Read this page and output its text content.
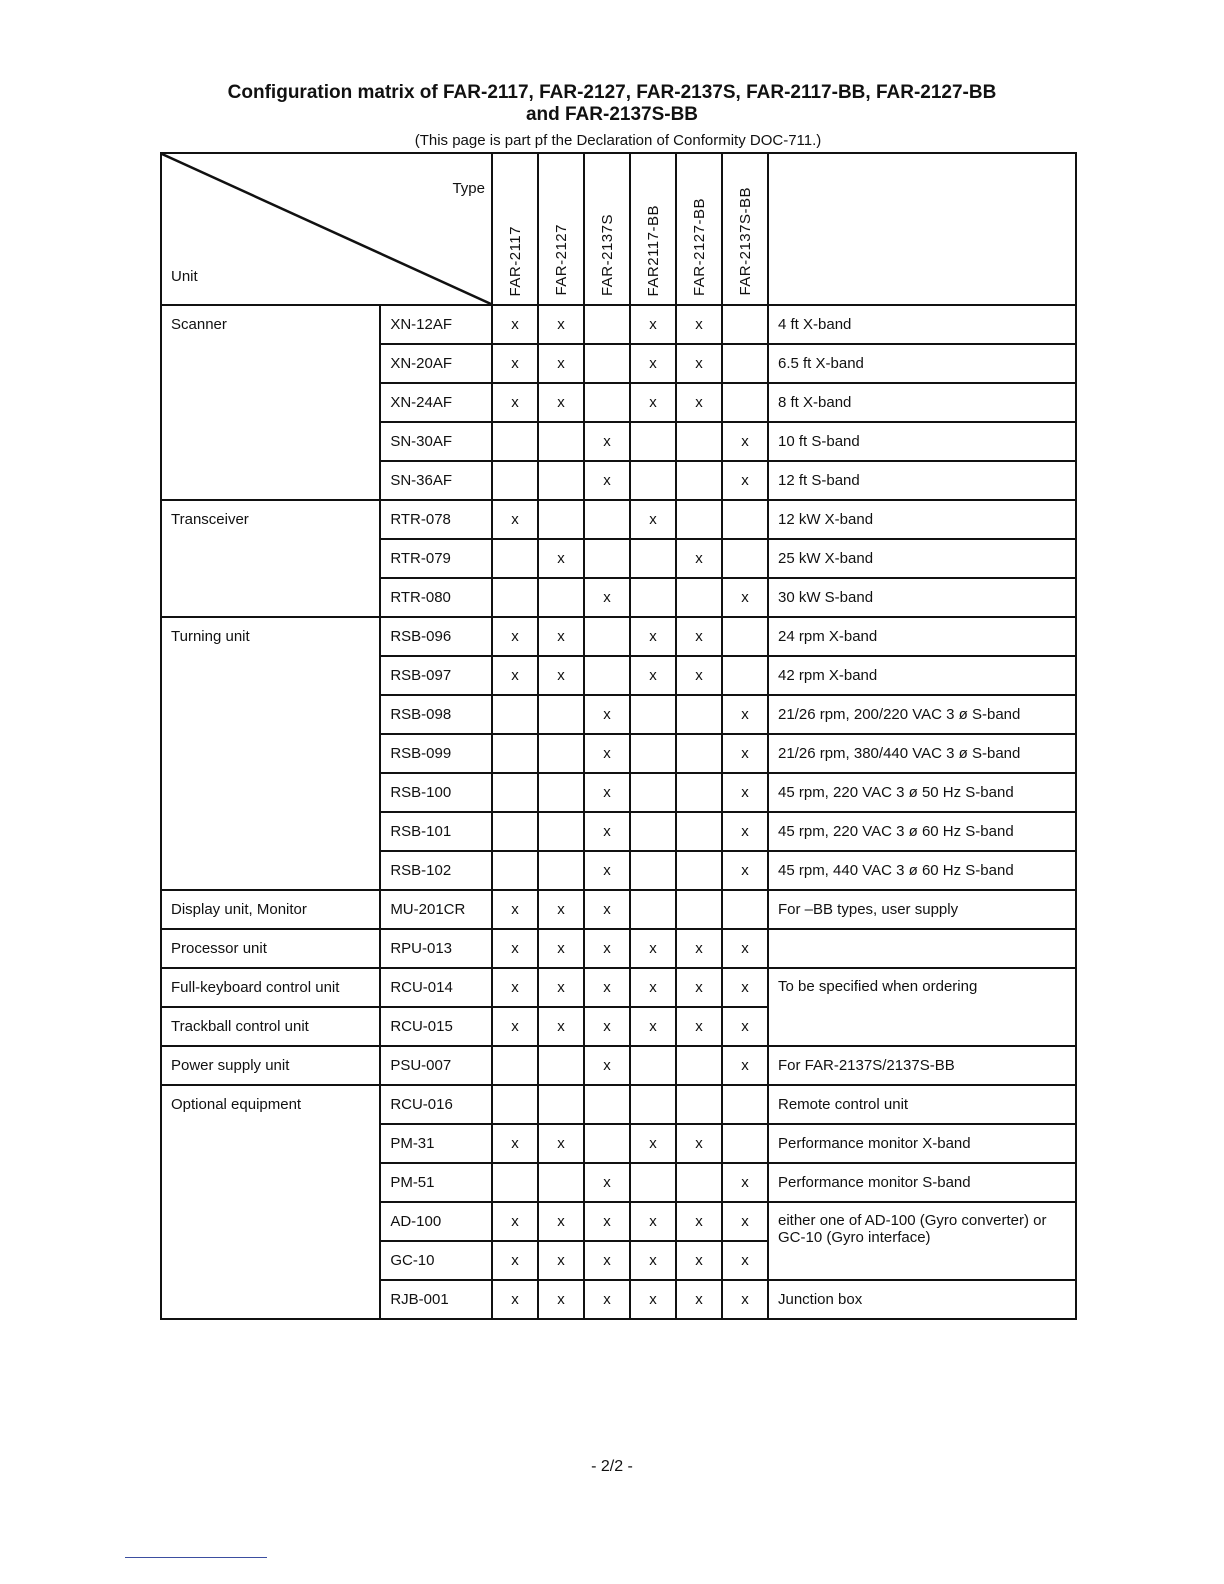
Configuration matrix of FAR-2117, FAR-2127, FAR-2137S, FAR-2117-BB, FAR-2127-BB
and FAR-2137S-BB
(This page is part pf the Declaration of Conformity DOC-711.)
Type
Unit		FAR-2117	FAR-2127	FAR-2137S	FAR2117-BB	FAR-2127-BB	FAR-2137S-BB	

Scanner	XN-12AF	x	x		x	x		4 ft X-band
	XN-20AF	x	x		x	x		6.5 ft X-band
	XN-24AF	x	x		x	x		8 ft X-band
	SN-30AF			x			x	10 ft S-band
	SN-36AF			x			x	12 ft S-band
Transceiver	RTR-078	x			x			12 kW X-band
	RTR-079		x			x		25 kW X-band
	RTR-080			x			x	30 kW S-band
Turning unit	RSB-096	x	x		x	x		24 rpm X-band
	RSB-097	x	x		x	x		42 rpm X-band
	RSB-098			x			x	21/26 rpm, 200/220 VAC 3 ø S-band
	RSB-099			x			x	21/26 rpm, 380/440 VAC 3 ø S-band
	RSB-100			x			x	45 rpm, 220 VAC 3 ø 50 Hz S-band
	RSB-101			x			x	45 rpm, 220 VAC 3 ø 60 Hz S-band
	RSB-102			x			x	45 rpm, 440 VAC 3 ø 60 Hz S-band
Display unit, Monitor	MU-201CR	x	x	x				For –BB types, user supply
Processor unit	RPU-013	x	x	x	x	x	x	
Full-keyboard control unit	RCU-014	x	x	x	x	x	x	To be specified when ordering
Trackball control unit	RCU-015	x	x	x	x	x	x	
Power supply unit	PSU-007			x			x	For FAR-2137S/2137S-BB
Optional equipment	RCU-016							Remote control unit
	PM-31	x	x		x	x		Performance monitor X-band
	PM-51			x			x	Performance monitor S-band
	AD-100	x	x	x	x	x	x	either one of AD-100 (Gyro converter) or GC-10 (Gyro interface)
	GC-10	x	x	x	x	x	x	
	RJB-001	x	x	x	x	x	x	Junction box
- 2/2 -
